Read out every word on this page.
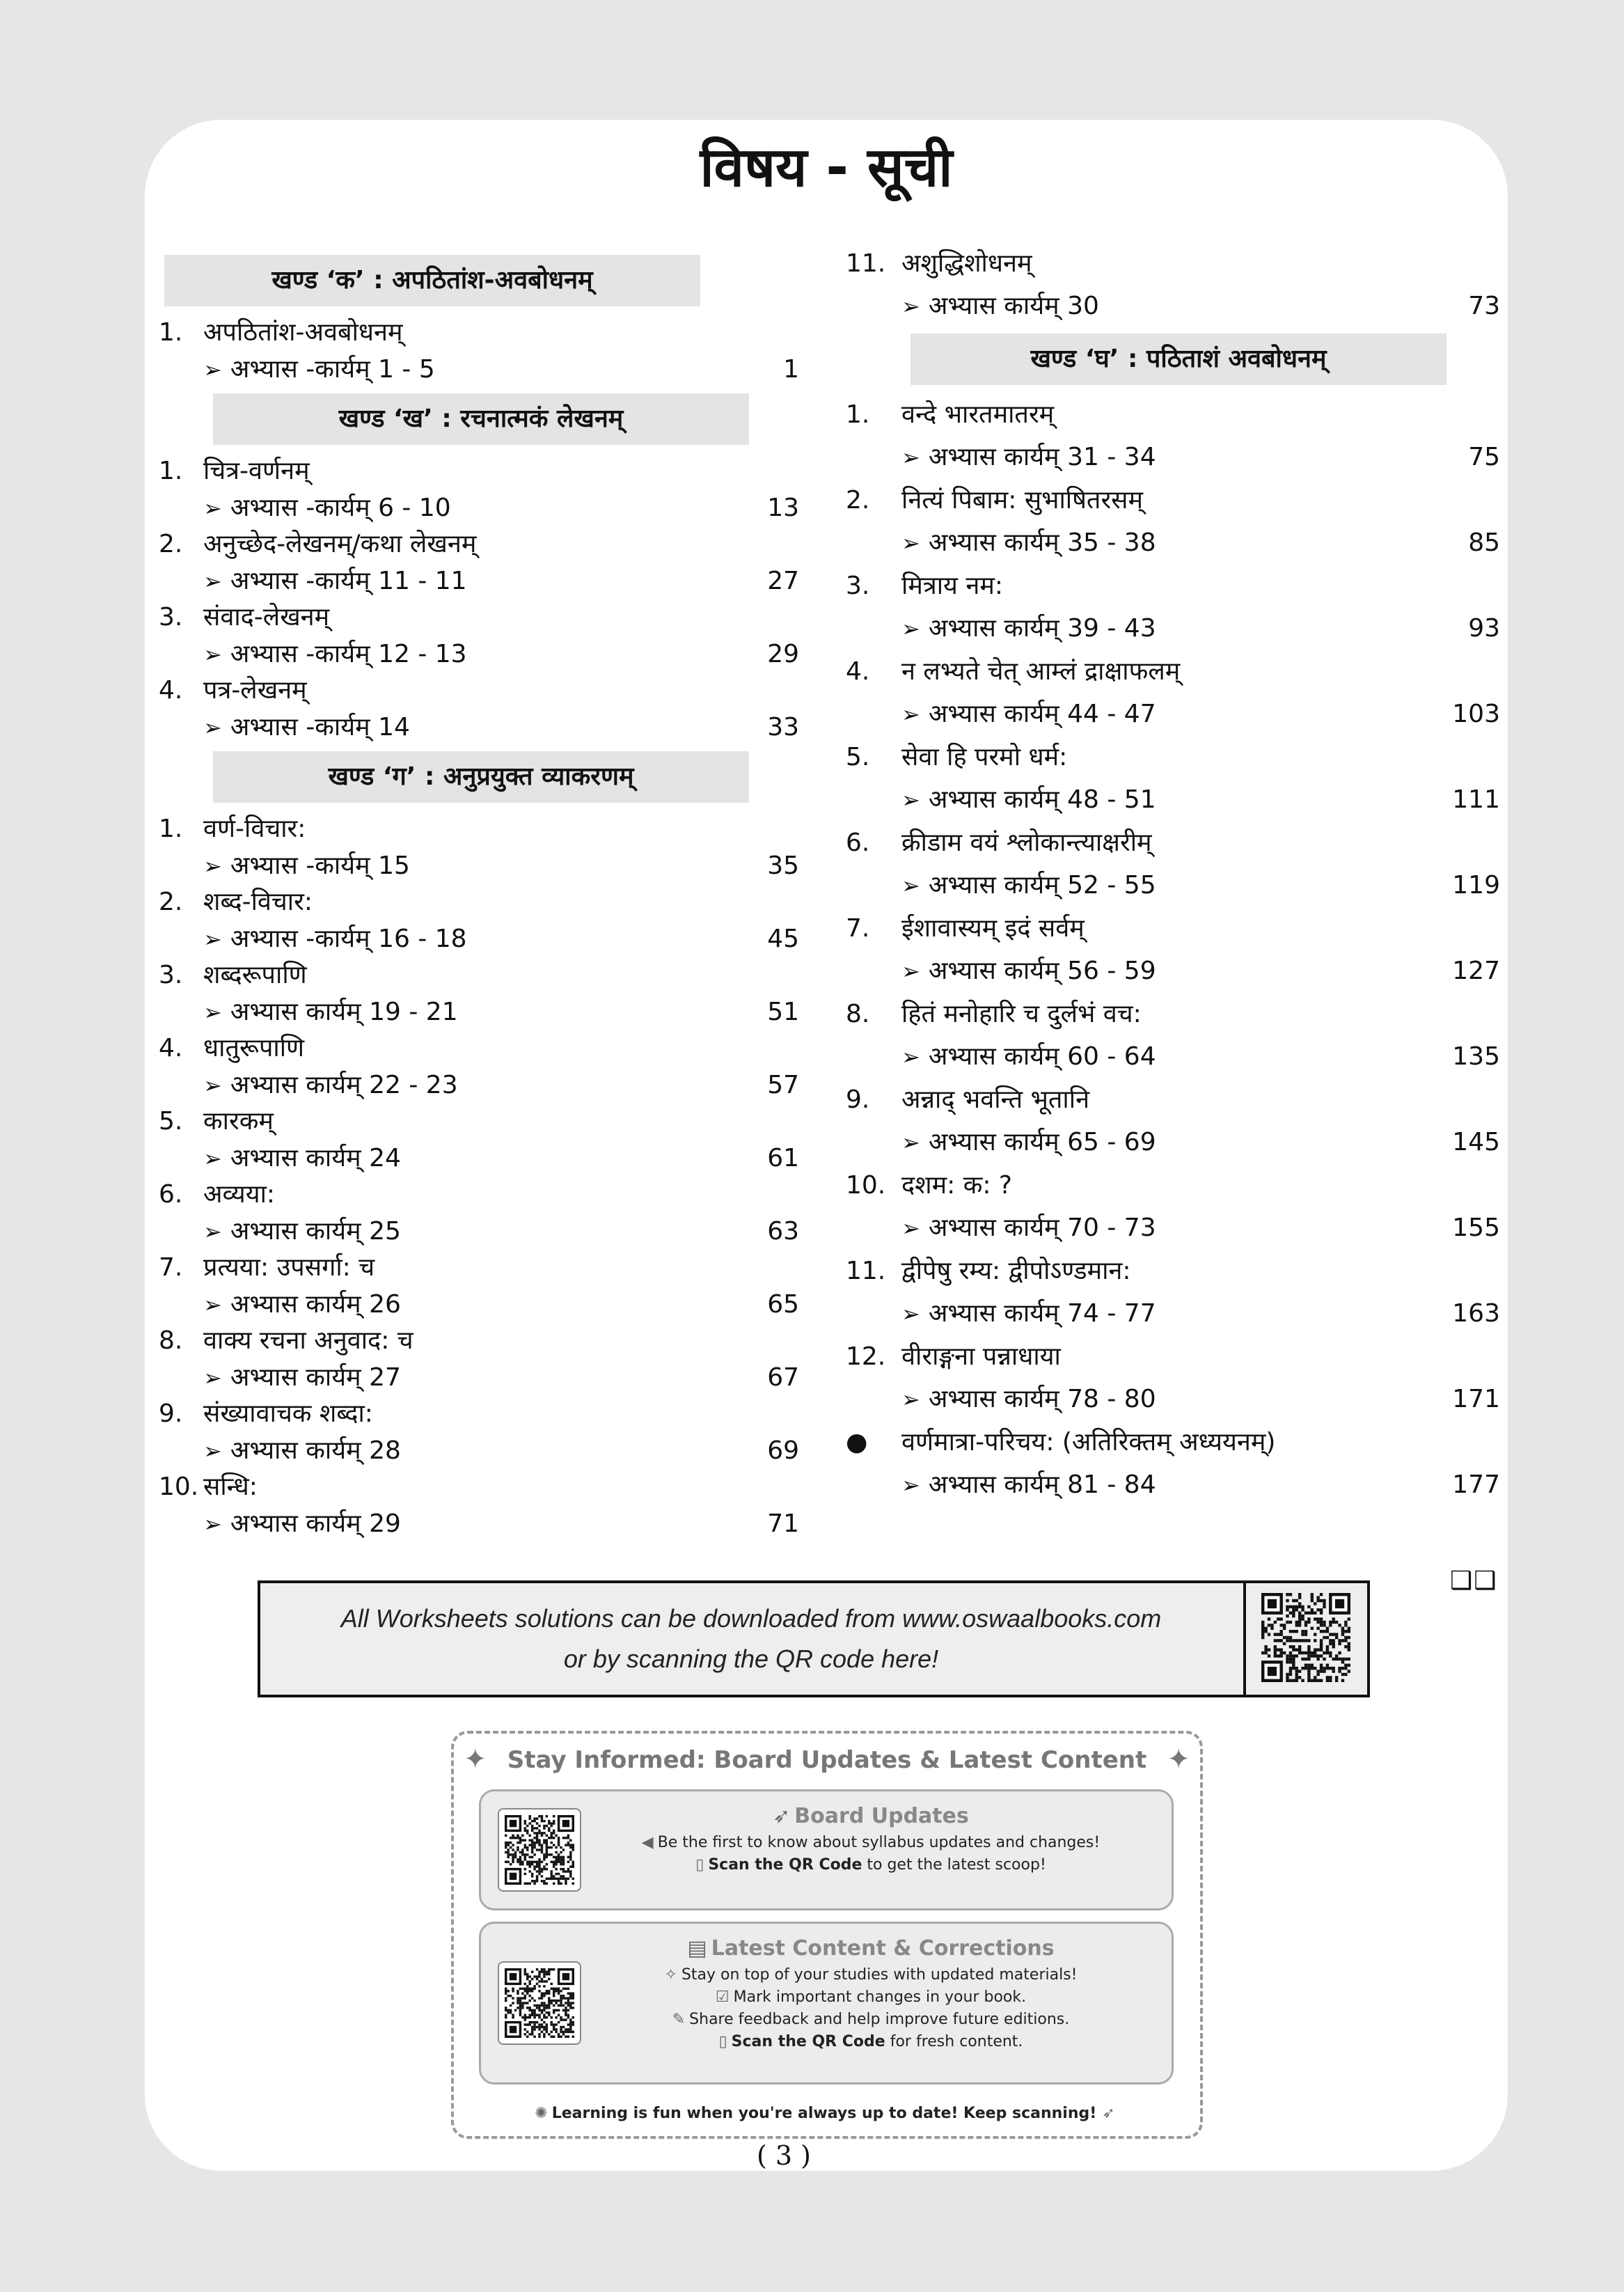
विषय - सूची
खण्ड ‘क’ : अपठितांश-अवबोधनम्
1. अपठितांश-अवबोधनम्
➢ अभ्यास -कार्यम् 1 - 5	1
खण्ड ‘ख’ : रचनात्मकं लेखनम्
1. चित्र-वर्णनम्
➢ अभ्यास -कार्यम् 6 - 10	13
2. अनुच्छेद-लेखनम्/कथा लेखनम्
➢ अभ्यास -कार्यम् 11 - 11	27
3. संवाद-लेखनम्
➢ अभ्यास -कार्यम् 12 - 13	29
4. पत्र-लेखनम्
➢ अभ्यास -कार्यम् 14	33
खण्ड ‘ग’ : अनुप्रयुक्त व्याकरणम्
1. वर्ण-विचार:
➢ अभ्यास -कार्यम् 15	35
2. शब्द-विचार:
➢ अभ्यास -कार्यम् 16 - 18	45
3. शब्दरूपाणि
➢ अभ्यास कार्यम् 19 - 21	51
4. धातुरूपाणि
➢ अभ्यास कार्यम् 22 - 23	57
5. कारकम्
➢ अभ्यास कार्यम् 24	61
6. अव्यया:
➢ अभ्यास कार्यम् 25	63
7. प्रत्यया: उपसर्गा: च
➢ अभ्यास कार्यम् 26	65
8. वाक्य रचना अनुवाद: च
➢ अभ्यास कार्यम् 27	67
9. संख्यावाचक शब्दा:
➢ अभ्यास कार्यम् 28	69
10. सन्धि:
➢ अभ्यास कार्यम् 29	71
11. अशुद्धिशोधनम्
➢ अभ्यास कार्यम् 30	73
खण्ड ‘घ’ : पठिताशं अवबोधनम्
1. वन्दे भारतमातरम्
➢ अभ्यास कार्यम् 31 - 34	75
2. नित्यं पिबाम: सुभाषितरसम्
➢ अभ्यास कार्यम् 35 - 38	85
3. मित्राय नम:
➢ अभ्यास कार्यम् 39 - 43	93
4. न लभ्यते चेत् आम्लं द्राक्षाफलम्
➢ अभ्यास कार्यम् 44 - 47	103
5. सेवा हि परमो धर्म:
➢ अभ्यास कार्यम् 48 - 51	111
6. क्रीडाम वयं श्लोकान्त्याक्षरीम्
➢ अभ्यास कार्यम् 52 - 55	119
7. ईशावास्यम् इदं सर्वम्
➢ अभ्यास कार्यम् 56 - 59	127
8. हितं मनोहारि च दुर्लभं वच:
➢ अभ्यास कार्यम् 60 - 64	135
9. अन्नाद् भवन्ति भूतानि
➢ अभ्यास कार्यम् 65 - 69	145
10. दशम: क: ?
➢ अभ्यास कार्यम् 70 - 73	155
11. द्वीपेषु रम्य: द्वीपोऽण्डमान:
➢ अभ्यास कार्यम् 74 - 77	163
12. वीराङ्गना पन्नाधाया
➢ अभ्यास कार्यम् 78 - 80	171
● वर्णमात्रा-परिचय: (अतिरिक्तम् अध्ययनम्)
➢ अभ्यास कार्यम् 81 - 84	177
All Worksheets solutions can be downloaded from www.oswaalbooks.com
or by scanning the QR code here!
❑❑
✦ Stay Informed: Board Updates & Latest Content ✦
➶ Board Updates
◀ Be the first to know about syllabus updates and changes!
▯ Scan the QR Code to get the latest scoop!
▤ Latest Content & Corrections
✧ Stay on top of your studies with updated materials!
☑ Mark important changes in your book.
✎ Share feedback and help improve future editions.
▯ Scan the QR Code for fresh content.
✺ Learning is fun when you're always up to date! Keep scanning! ➶
( 3 )
